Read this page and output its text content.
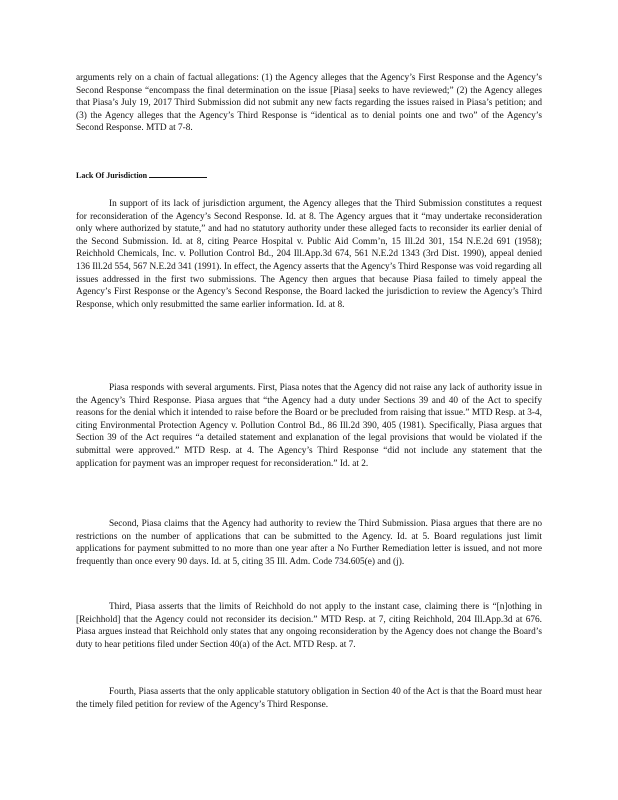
arguments rely on a chain of factual allegations: (1) the Agency alleges that the Agency’s First Response and the Agency’s Second Response “encompass the final determination on the issue [Piasa] seeks to have reviewed;” (2) the Agency alleges that Piasa’s July 19, 2017 Third Submission did not submit any new facts regarding the issues raised in Piasa’s petition; and (3) the Agency alleges that the Agency’s Third Response is “identical as to denial points one and two” of the Agency’s Second Response. MTD at 7-8.

Lack Of Jurisdiction

In support of its lack of jurisdiction argument, the Agency alleges that the Third Submission constitutes a request for reconsideration of the Agency’s Second Response. Id. at 8. The Agency argues that it “may undertake reconsideration only where authorized by statute,” and had no statutory authority under these alleged facts to reconsider its earlier denial of the Second Submission. Id. at 8, citing Pearce Hospital v. Public Aid Comm’n, 15 Ill.2d 301, 154 N.E.2d 691 (1958); Reichhold Chemicals, Inc. v. Pollution Control Bd., 204 Ill.App.3d 674, 561 N.E.2d 1343 (3rd Dist. 1990), appeal denied 136 Ill.2d 554, 567 N.E.2d 341 (1991). In effect, the Agency asserts that the Agency’s Third Response was void regarding all issues addressed in the first two submissions. The Agency then argues that because Piasa failed to timely appeal the Agency’s First Response or the Agency’s Second Response, the Board lacked the jurisdiction to review the Agency’s Third Response, which only resubmitted the same earlier information. Id. at 8.

Piasa responds with several arguments. First, Piasa notes that the Agency did not raise any lack of authority issue in the Agency’s Third Response. Piasa argues that “the Agency had a duty under Sections 39 and 40 of the Act to specify reasons for the denial which it intended to raise before the Board or be precluded from raising that issue.” MTD Resp. at 3-4, citing Environmental Protection Agency v. Pollution Control Bd., 86 Ill.2d 390, 405 (1981). Specifically, Piasa argues that Section 39 of the Act requires “a detailed statement and explanation of the legal provisions that would be violated if the submittal were approved.” MTD Resp. at 4. The Agency’s Third Response “did not include any statement that the application for payment was an improper request for reconsideration.” Id. at 2.

Second, Piasa claims that the Agency had authority to review the Third Submission. Piasa argues that there are no restrictions on the number of applications that can be submitted to the Agency. Id. at 5. Board regulations just limit applications for payment submitted to no more than one year after a No Further Remediation letter is issued, and not more frequently than once every 90 days. Id. at 5, citing 35 Ill. Adm. Code 734.605(e) and (j).

Third, Piasa asserts that the limits of Reichhold do not apply to the instant case, claiming there is “[n]othing in [Reichhold] that the Agency could not reconsider its decision.” MTD Resp. at 7, citing Reichhold, 204 Ill.App.3d at 676. Piasa argues instead that Reichhold only states that any ongoing reconsideration by the Agency does not change the Board’s duty to hear petitions filed under Section 40(a) of the Act. MTD Resp. at 7.

Fourth, Piasa asserts that the only applicable statutory obligation in Section 40 of the Act is that the Board must hear the timely filed petition for review of the Agency’s Third Response.
